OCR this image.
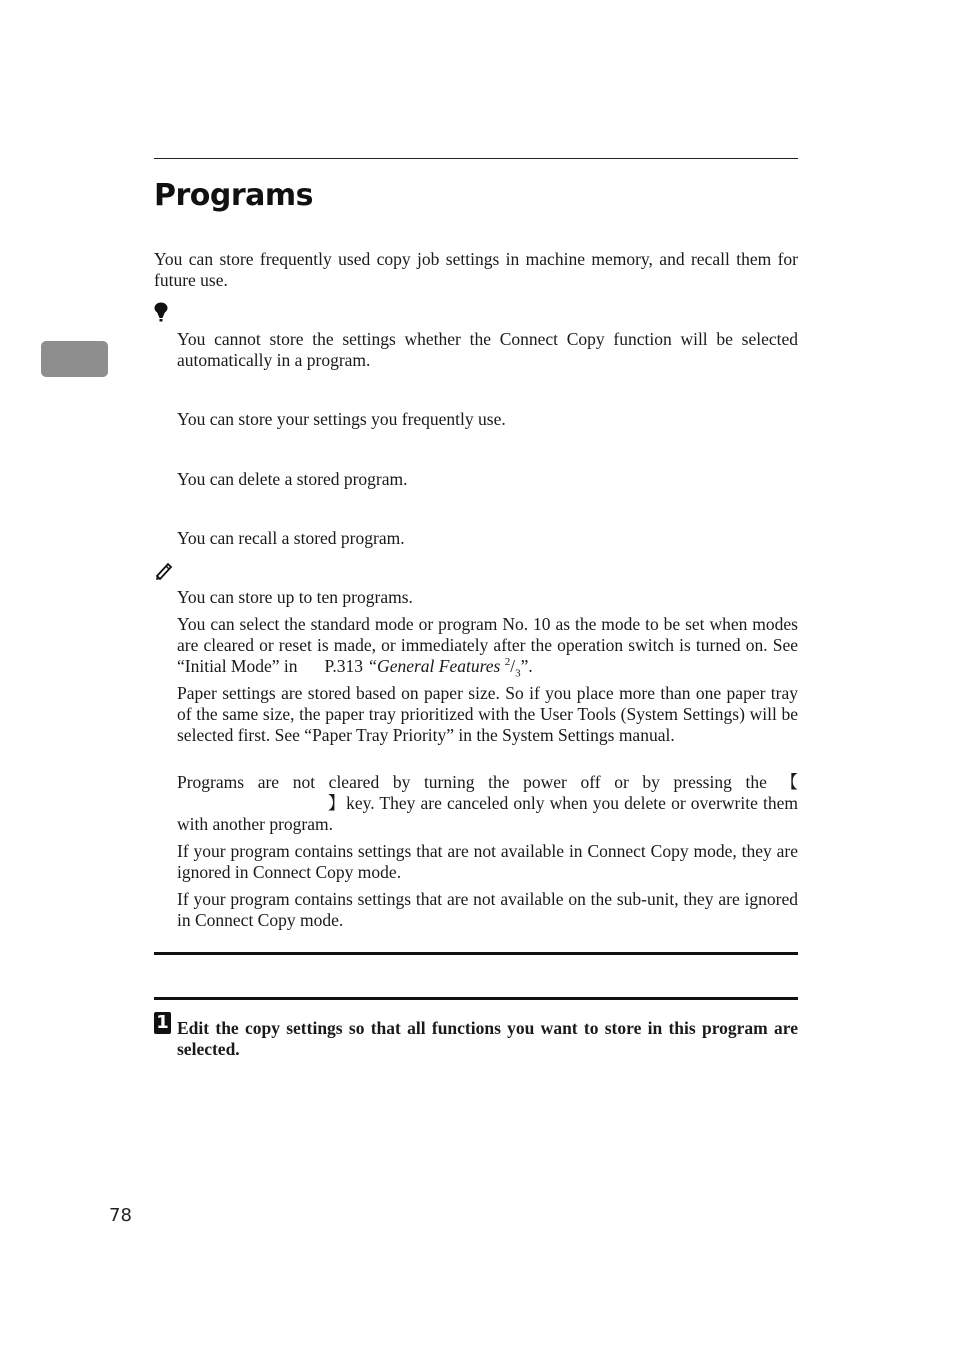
Programs
You can store frequently used copy job settings in machine memory, and recall them for future use.
You cannot store the settings whether the Connect Copy function will be selected automatically in a program.
You can store your settings you frequently use.
You can delete a stored program.
You can recall a stored program.
You can store up to ten programs.
You can select the standard mode or program No. 10 as the mode to be set when modes are cleared or reset is made, or immediately after the operation switch is turned on. See “Initial Mode” in P.313 “General Features $^2/_3$”.
Paper settings are stored based on paper size. So if you place more than one paper tray of the same size, the paper tray prioritized with the User Tools (System Settings) will be selected first. See “Paper Tray Priority” in the System Settings manual.
Programs are not cleared by turning the power off or by pressing the 【】key. They are canceled only when you delete or overwrite them with another program.
If your program contains settings that are not available in Connect Copy mode, they are ignored in Connect Copy mode.
If your program contains settings that are not available on the sub-unit, they are ignored in Connect Copy mode.
1 Edit the copy settings so that all functions you want to store in this program are selected.
78
